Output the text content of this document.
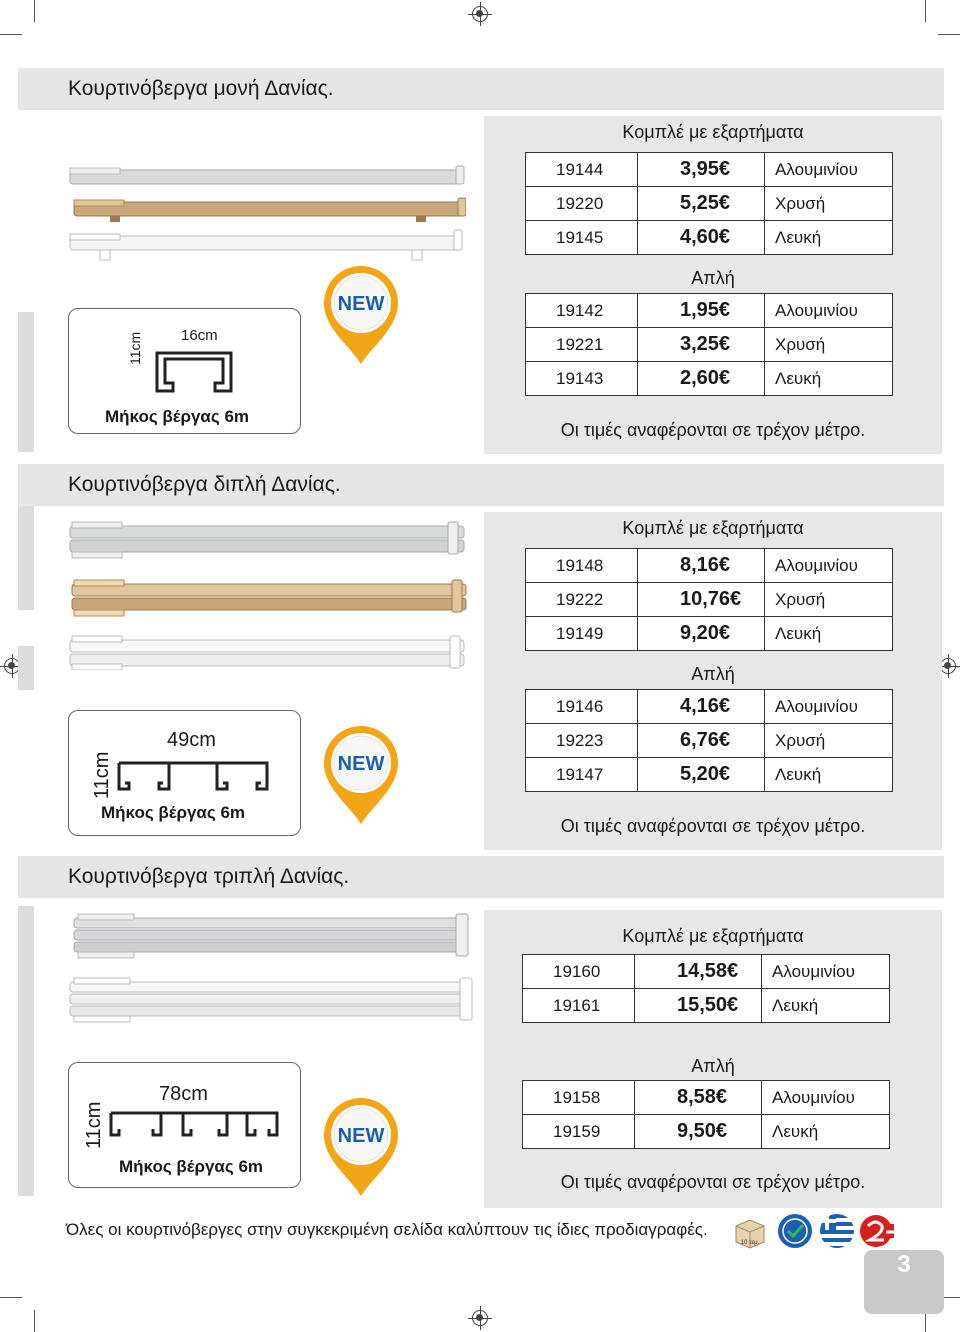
Κουρτινόβεργα μονή Δανίας.
16cm
11cm
Μήκος βέργας 6m
NEW
Κομπλέ με εξαρτήματα
19144	3,95€	Αλουμινίου
19220	5,25€	Χρυσή
19145	4,60€	Λευκή
Απλή
19142	1,95€	Αλουμινίου
19221	3,25€	Χρυσή
19143	2,60€	Λευκή
Οι τιμές αναφέρονται σε τρέχον μέτρο.
Κουρτινόβεργα διπλή Δανίας.
49cm
11cm
Μήκος βέργας 6m
NEW
Κομπλέ με εξαρτήματα
19148	8,16€	Αλουμινίου
19222	10,76€	Χρυσή
19149	9,20€	Λευκή
Απλή
19146	4,16€	Αλουμινίου
19223	6,76€	Χρυσή
19147	5,20€	Λευκή
Οι τιμές αναφέρονται σε τρέχον μέτρο.
Κουρτινόβεργα τριπλή Δανίας.
78cm
11cm
Μήκος βέργας 6m
NEW
Κομπλέ με εξαρτήματα
19160	14,58€	Αλουμινίου
19161	15,50€	Λευκή
Απλή
19158	8,58€	Αλουμινίου
19159	9,50€	Λευκή
Οι τιμές αναφέρονται σε τρέχον μέτρο.
Όλες οι κουρτινόβεργες στην συγκεκριμένη σελίδα καλύπτουν τις ίδιες προδιαγραφές.
10 τεμ.
3
